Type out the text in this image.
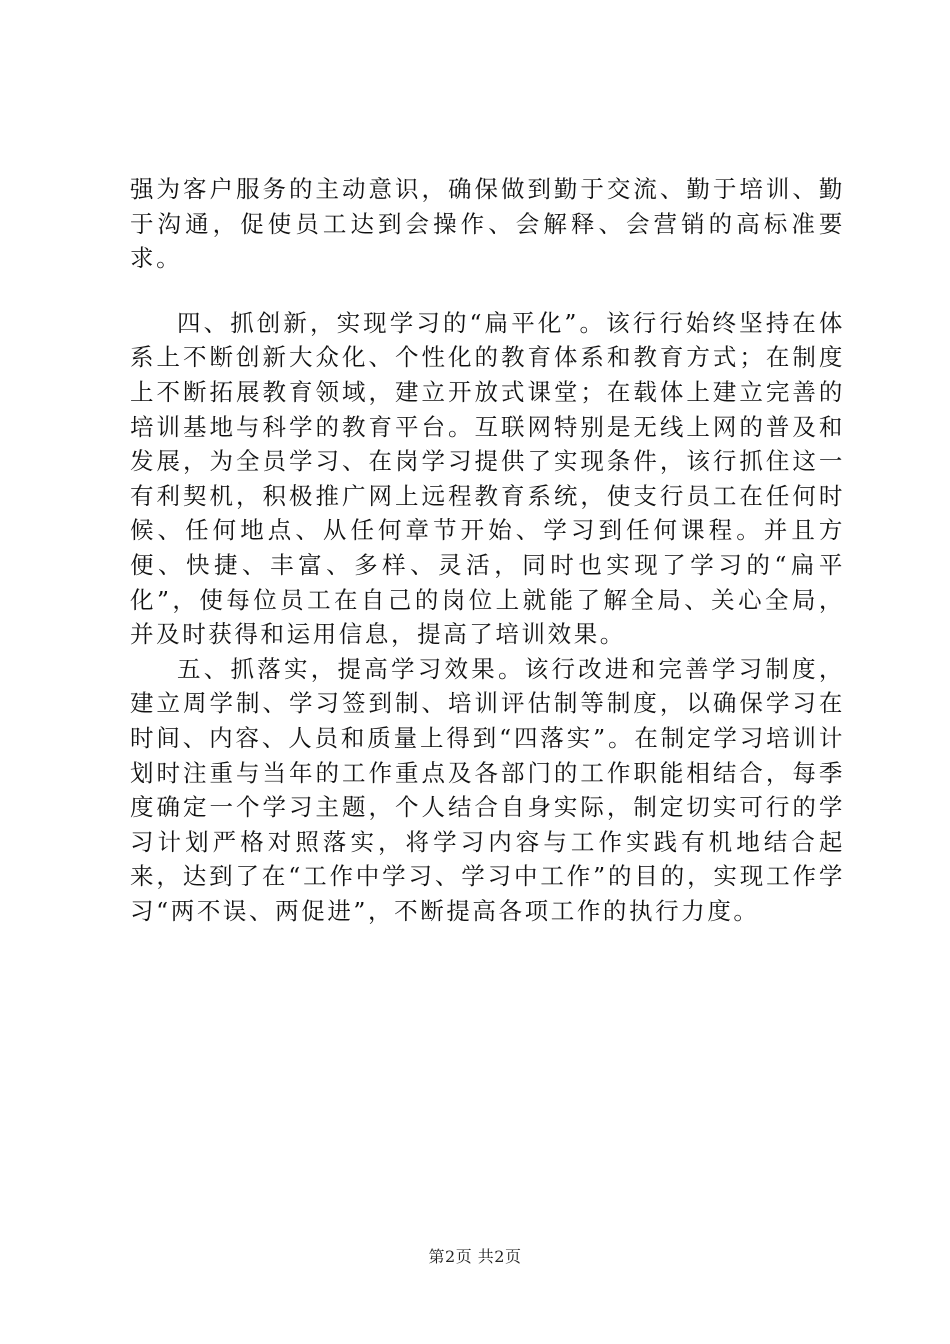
强为客户服务的主动意识，确保做到勤于交流、勤于培训、勤于沟通，促使员工达到会操作、会解释、会营销的高标准要求。

四、抓创新，实现学习的“扁平化”。该行行始终坚持在体系上不断创新大众化、个性化的教育体系和教育方式；在制度上不断拓展教育领域，建立开放式课堂；在载体上建立完善的培训基地与科学的教育平台。互联网特别是无线上网的普及和发展，为全员学习、在岗学习提供了实现条件，该行抓住这一有利契机，积极推广网上远程教育系统，使支行员工在任何时候、任何地点、从任何章节开始、学习到任何课程。并且方便、快捷、丰富、多样、灵活，同时也实现了学习的“扁平化”，使每位员工在自己的岗位上就能了解全局、关心全局，并及时获得和运用信息，提高了培训效果。

五、抓落实，提高学习效果。该行改进和完善学习制度，建立周学制、学习签到制、培训评估制等制度，以确保学习在时间、内容、人员和质量上得到“四落实”。在制定学习培训计划时注重与当年的工作重点及各部门的工作职能相结合，每季度确定一个学习主题，个人结合自身实际，制定切实可行的学习计划严格对照落实，将学习内容与工作实践有机地结合起来，达到了在“工作中学习、学习中工作”的目的，实现工作学习“两不误、两促进”，不断提高各项工作的执行力度。

第2页 共2页
